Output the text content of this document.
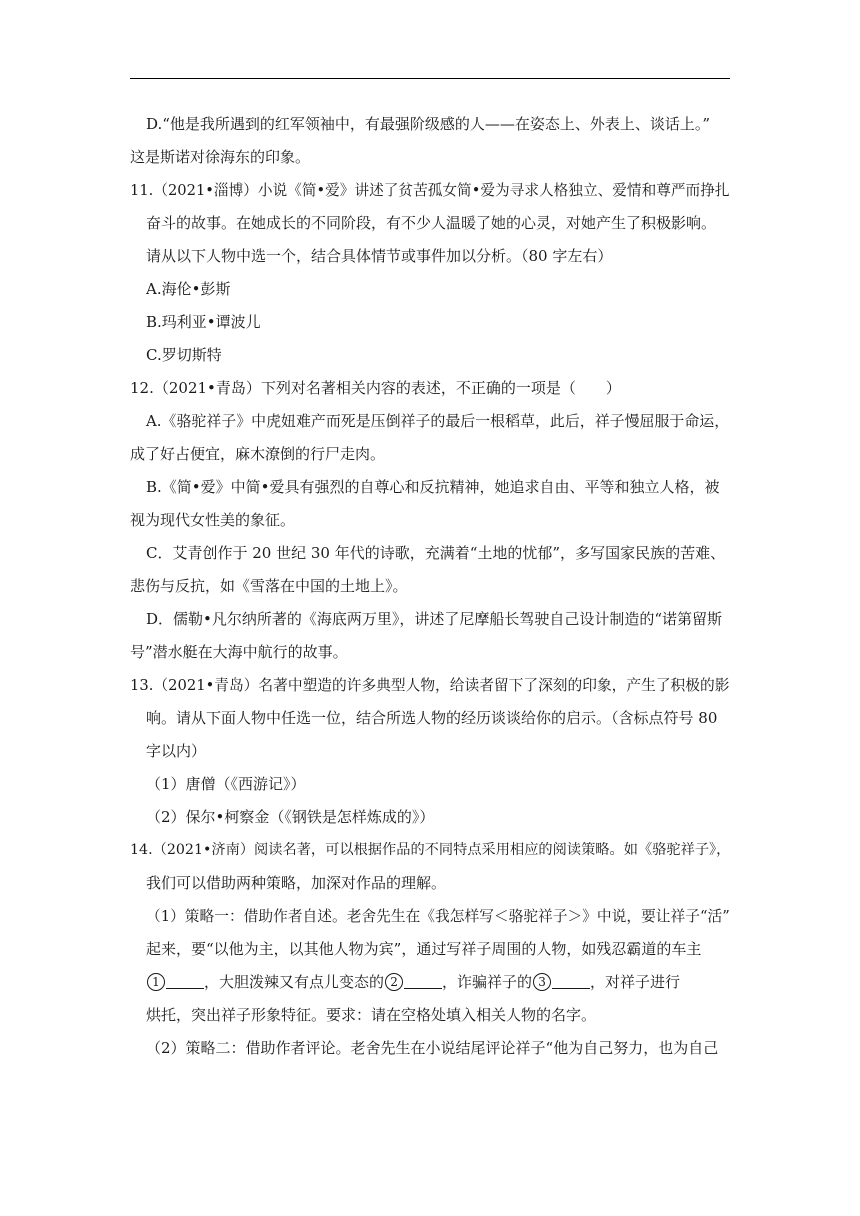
D.“他是我所遇到的红军领袖中，有最强阶级感的人——在姿态上、外表上、谈话上。”
这是斯诺对徐海东的印象。
11.（2021•淄博）小说《简•爱》讲述了贫苦孤女简•爱为寻求人格独立、爱情和尊严而挣扎
奋斗的故事。在她成长的不同阶段，有不少人温暖了她的心灵，对她产生了积极影响。
请从以下人物中选一个，结合具体情节或事件加以分析。（80 字左右）
A.海伦•彭斯
B.玛利亚•谭波儿
C.罗切斯特
12.（2021•青岛）下列对名著相关内容的表述，不正确的一项是（　　）
A.《骆驼祥子》中虎妞难产而死是压倒祥子的最后一根稻草，此后，祥子慢屈服于命运，
成了好占便宜，麻木潦倒的行尸走肉。
B.《简•爱》中简•爱具有强烈的自尊心和反抗精神，她追求自由、平等和独立人格，被
视为现代女性美的象征。
C．艾青创作于 20 世纪 30 年代的诗歌，充满着“土地的忧郁”，多写国家民族的苦难、
悲伤与反抗，如《雪落在中国的土地上》。
D．儒勒•凡尔纳所著的《海底两万里》，讲述了尼摩船长驾驶自己设计制造的“诺第留斯
号”潜水艇在大海中航行的故事。
13.（2021•青岛）名著中塑造的许多典型人物，给读者留下了深刻的印象，产生了积极的影
响。请从下面人物中任选一位，结合所选人物的经历谈谈给你的启示。（含标点符号 80
字以内）
（1）唐僧（《西游记》）
（2）保尔•柯察金（《钢铁是怎样炼成的》）
14.（2021•济南）阅读名著，可以根据作品的不同特点采用相应的阅读策略。如《骆驼祥子》，
我们可以借助两种策略，加深对作品的理解。
（1）策略一：借助作者自述。老舍先生在《我怎样写＜骆驼祥子＞》中说，要让祥子“活”
起来，要“以他为主，以其他人物为宾”，通过写祥子周围的人物，如残忍霸道的车主
1	，大胆泼辣又有点儿变态的 2	，诈骗祥子的 3	，对祥子进行
烘托，突出祥子形象特征。要求：请在空格处填入相关人物的名字。
（2）策略二：借助作者评论。老舍先生在小说结尾评论祥子“他为自己努力，也为自己
